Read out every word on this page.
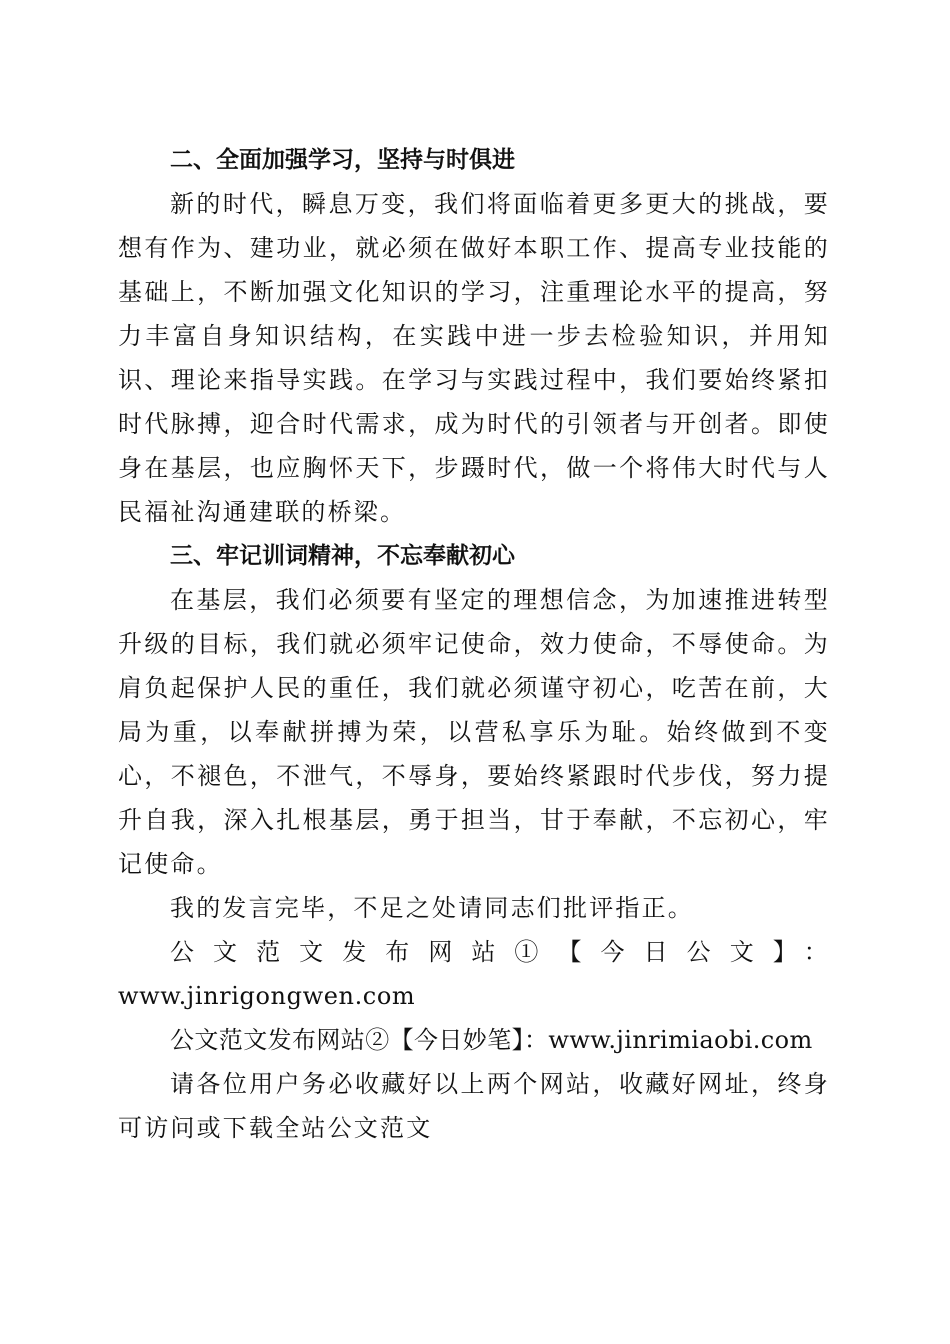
二、全面加强学习，坚持与时俱进

新的时代，瞬息万变，我们将面临着更多更大的挑战，要想有作为、建功业，就必须在做好本职工作、提高专业技能的基础上，不断加强文化知识的学习，注重理论水平的提高，努力丰富自身知识结构，在实践中进一步去检验知识，并用知识、理论来指导实践。在学习与实践过程中，我们要始终紧扣时代脉搏，迎合时代需求，成为时代的引领者与开创者。即使身在基层，也应胸怀天下，步蹑时代，做一个将伟大时代与人民福祉沟通建联的桥梁。

三、牢记训词精神，不忘奉献初心

在基层，我们必须要有坚定的理想信念，为加速推进转型升级的目标，我们就必须牢记使命，效力使命，不辱使命。为肩负起保护人民的重任，我们就必须谨守初心，吃苦在前，大局为重，以奉献拼搏为荣，以营私享乐为耻。始终做到不变心，不褪色，不泄气，不辱身，要始终紧跟时代步伐，努力提升自我，深入扎根基层，勇于担当，甘于奉献，不忘初心，牢记使命。

我的发言完毕，不足之处请同志们批评指正。

公文范文发布网站①【今日公文】：

www.jinrigongwen.com

公文范文发布网站②【今日妙笔】：www.jinrimiaobi.com

请各位用户务必收藏好以上两个网站，收藏好网址，终身可访问或下载全站公文范文
